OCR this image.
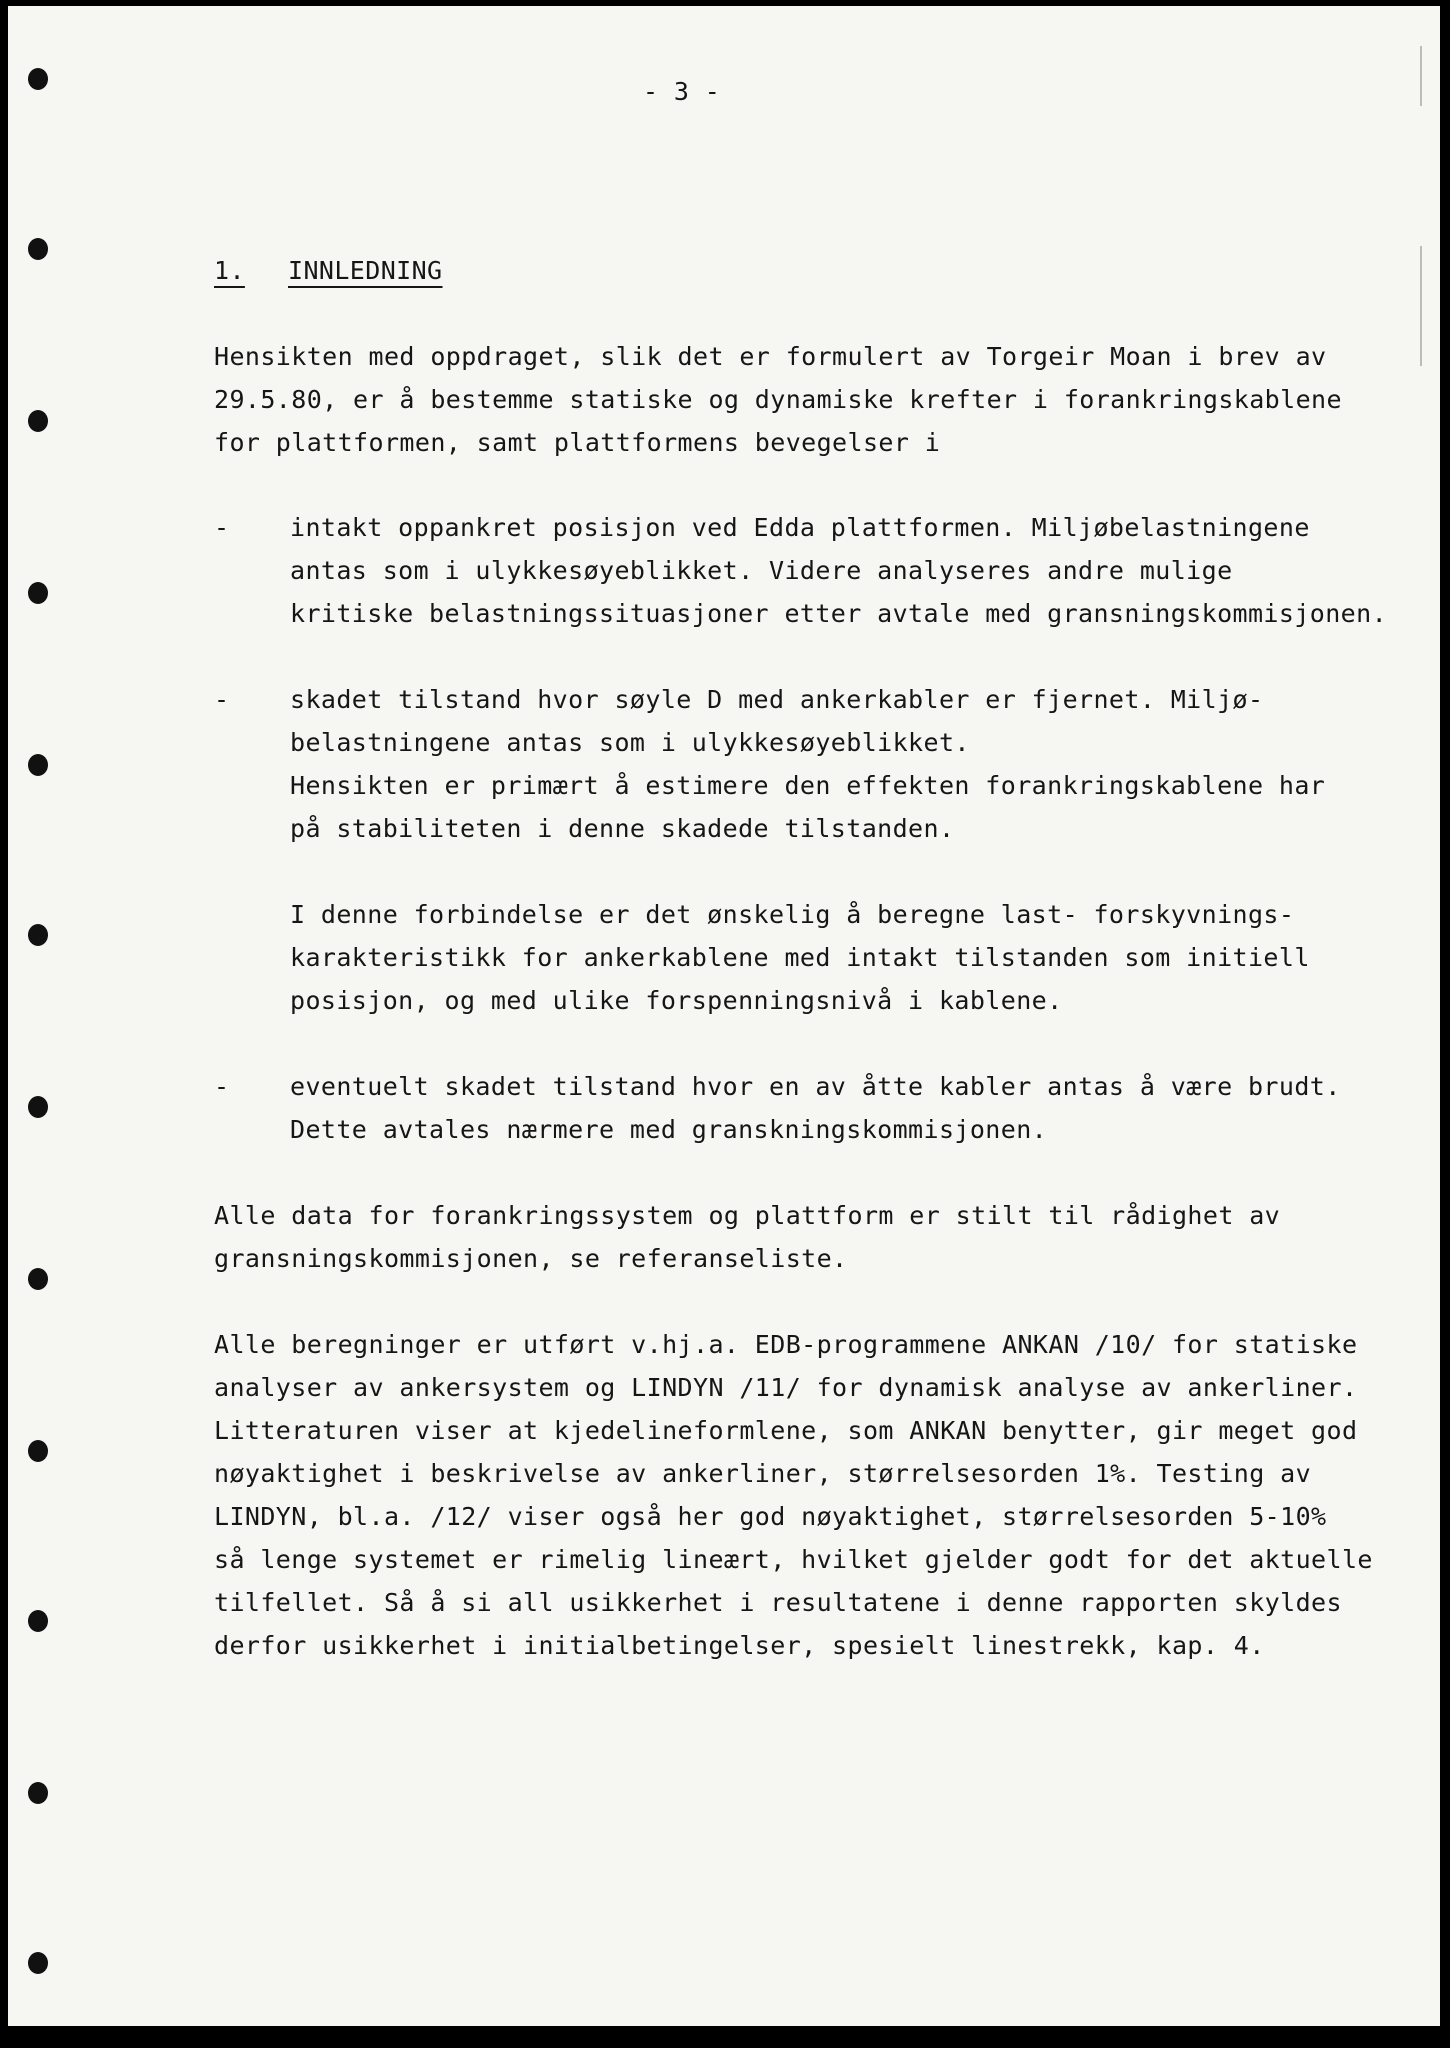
- 3 -
1. INNLEDNING
Hensikten med oppdraget, slik det er formulert av Torgeir Moan i brev av
29.5.80, er å bestemme statiske og dynamiske krefter i forankringskablene
for plattformen, samt plattformens bevegelser i
- intakt oppankret posisjon ved Edda plattformen. Miljøbelastningene
antas som i ulykkesøyeblikket. Videre analyseres andre mulige
kritiske belastningssituasjoner etter avtale med gransningskommisjonen.
- skadet tilstand hvor søyle D med ankerkabler er fjernet. Miljø-
belastningene antas som i ulykkesøyeblikket.
Hensikten er primært å estimere den effekten forankringskablene har
på stabiliteten i denne skadede tilstanden.
I denne forbindelse er det ønskelig å beregne last- forskyvnings-
karakteristikk for ankerkablene med intakt tilstanden som initiell
posisjon, og med ulike forspenningsnivå i kablene.
- eventuelt skadet tilstand hvor en av åtte kabler antas å være brudt.
Dette avtales nærmere med granskningskommisjonen.
Alle data for forankringssystem og plattform er stilt til rådighet av
gransningskommisjonen, se referanseliste.
Alle beregninger er utført v.hj.a. EDB-programmene ANKAN /10/ for statiske
analyser av ankersystem og LINDYN /11/ for dynamisk analyse av ankerliner.
Litteraturen viser at kjedelineformlene, som ANKAN benytter, gir meget god
nøyaktighet i beskrivelse av ankerliner, størrelsesorden 1%. Testing av
LINDYN, bl.a. /12/ viser også her god nøyaktighet, størrelsesorden 5-10%
så lenge systemet er rimelig lineært, hvilket gjelder godt for det aktuelle
tilfellet. Så å si all usikkerhet i resultatene i denne rapporten skyldes
derfor usikkerhet i initialbetingelser, spesielt linestrekk, kap. 4.
